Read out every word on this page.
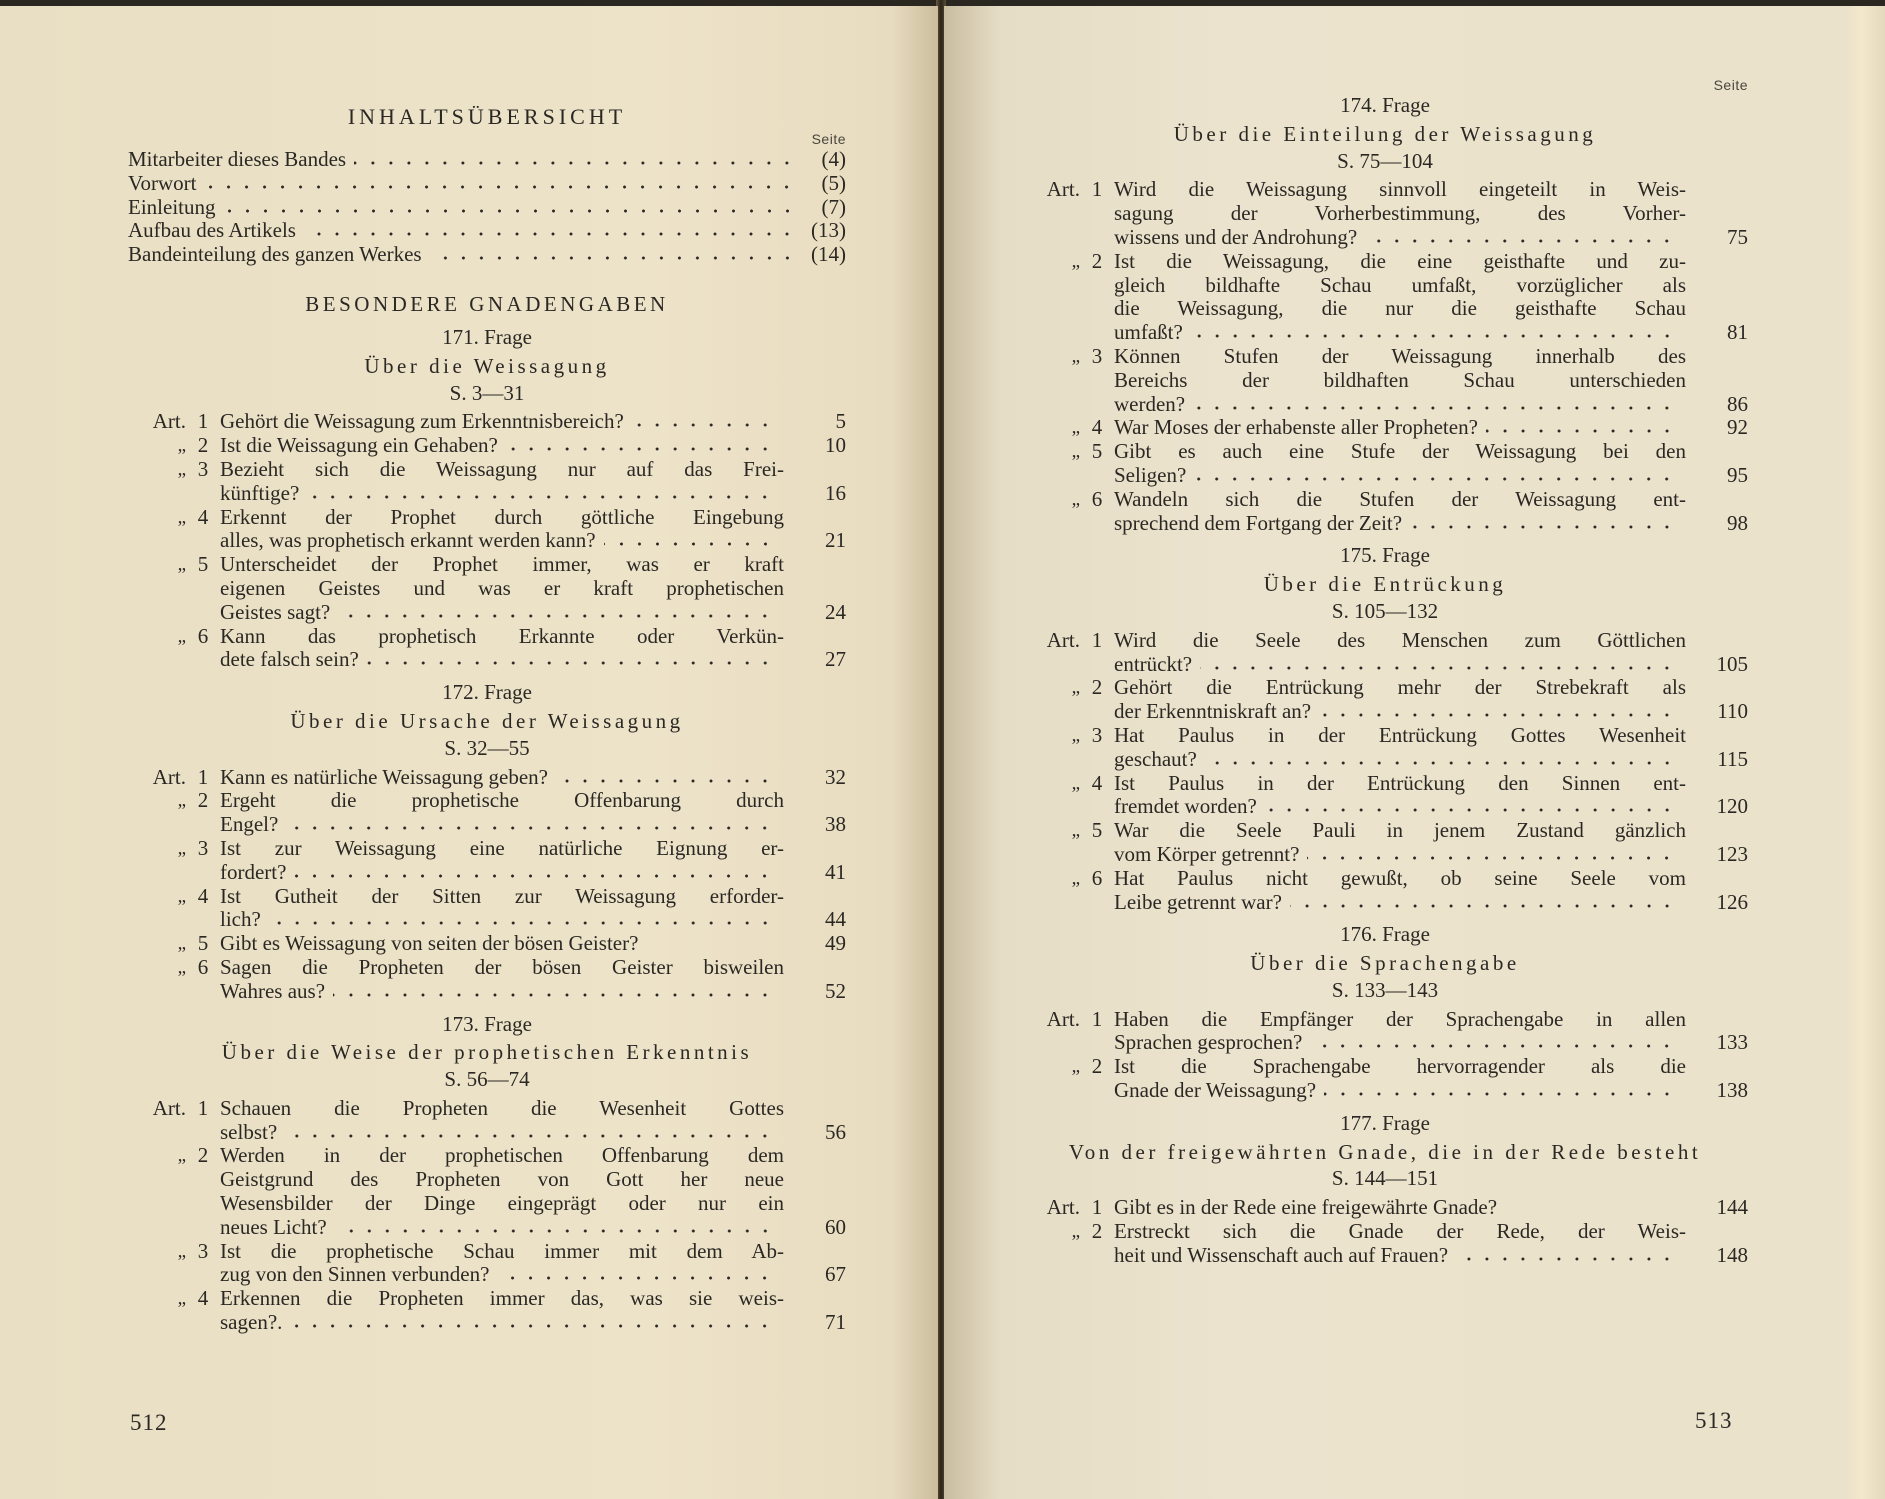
INHALTSÜBERSICHT
Seite
Mitarbeiter dieses Bandes	(4)
Vorwort	(5)
Einleitung	(7)
Aufbau des Artikels	(13)
Bandeinteilung des ganzen Werkes	(14)
BESONDERE GNADENGABEN
171. Frage
Über die Weissagung
S. 3—31
Art. 1 Gehört die Weissagung zum Erkenntnisbereich?	5
„ 2 Ist die Weissagung ein Gehaben?	10
„ 3 Bezieht sich die Weissagung nur auf das Frei-
künftige?	16
„ 4 Erkennt der Prophet durch göttliche Eingebung
alles, was prophetisch erkannt werden kann?	21
„ 5 Unterscheidet der Prophet immer, was er kraft
eigenen Geistes und was er kraft prophetischen
Geistes sagt?	24
„ 6 Kann das prophetisch Erkannte oder Verkün-
dete falsch sein?	27
172. Frage
Über die Ursache der Weissagung
S. 32—55
Art. 1 Kann es natürliche Weissagung geben?	32
„ 2 Ergeht die prophetische Offenbarung durch
Engel?	38
„ 3 Ist zur Weissagung eine natürliche Eignung er-
fordert?	41
„ 4 Ist Gutheit der Sitten zur Weissagung erforder-
lich?	44
„ 5 Gibt es Weissagung von seiten der bösen Geister?	49
„ 6 Sagen die Propheten der bösen Geister bisweilen
Wahres aus?	52
173. Frage
Über die Weise der prophetischen Erkenntnis
S. 56—74
Art. 1 Schauen die Propheten die Wesenheit Gottes
selbst?	56
„ 2 Werden in der prophetischen Offenbarung dem
Geistgrund des Propheten von Gott her neue
Wesensbilder der Dinge eingeprägt oder nur ein
neues Licht?	60
„ 3 Ist die prophetische Schau immer mit dem Ab-
zug von den Sinnen verbunden?	67
„ 4 Erkennen die Propheten immer das, was sie weis-
sagen?.	71
Seite
174. Frage
Über die Einteilung der Weissagung
S. 75—104
Art. 1 Wird die Weissagung sinnvoll eingeteilt in Weis-
sagung der Vorherbestimmung, des Vorher-
wissens und der Androhung?	75
„ 2 Ist die Weissagung, die eine geisthafte und zu-
gleich bildhafte Schau umfaßt, vorzüglicher als
die Weissagung, die nur die geisthafte Schau
umfaßt?	81
„ 3 Können Stufen der Weissagung innerhalb des
Bereichs der bildhaften Schau unterschieden
werden?	86
„ 4 War Moses der erhabenste aller Propheten?	92
„ 5 Gibt es auch eine Stufe der Weissagung bei den
Seligen?	95
„ 6 Wandeln sich die Stufen der Weissagung ent-
sprechend dem Fortgang der Zeit?	98
175. Frage
Über die Entrückung
S. 105—132
Art. 1 Wird die Seele des Menschen zum Göttlichen
entrückt?	105
„ 2 Gehört die Entrückung mehr der Strebekraft als
der Erkenntniskraft an?	110
„ 3 Hat Paulus in der Entrückung Gottes Wesenheit
geschaut?	115
„ 4 Ist Paulus in der Entrückung den Sinnen ent-
fremdet worden?	120
„ 5 War die Seele Pauli in jenem Zustand gänzlich
vom Körper getrennt?	123
„ 6 Hat Paulus nicht gewußt, ob seine Seele vom
Leibe getrennt war?	126
176. Frage
Über die Sprachengabe
S. 133—143
Art. 1 Haben die Empfänger der Sprachengabe in allen
Sprachen gesprochen?	133
„ 2 Ist die Sprachengabe hervorragender als die
Gnade der Weissagung?	138
177. Frage
Von der freigewährten Gnade, die in der Rede besteht
S. 144—151
Art. 1 Gibt es in der Rede eine freigewährte Gnade?	144
„ 2 Erstreckt sich die Gnade der Rede, der Weis-
heit und Wissenschaft auch auf Frauen?	148
512	513
